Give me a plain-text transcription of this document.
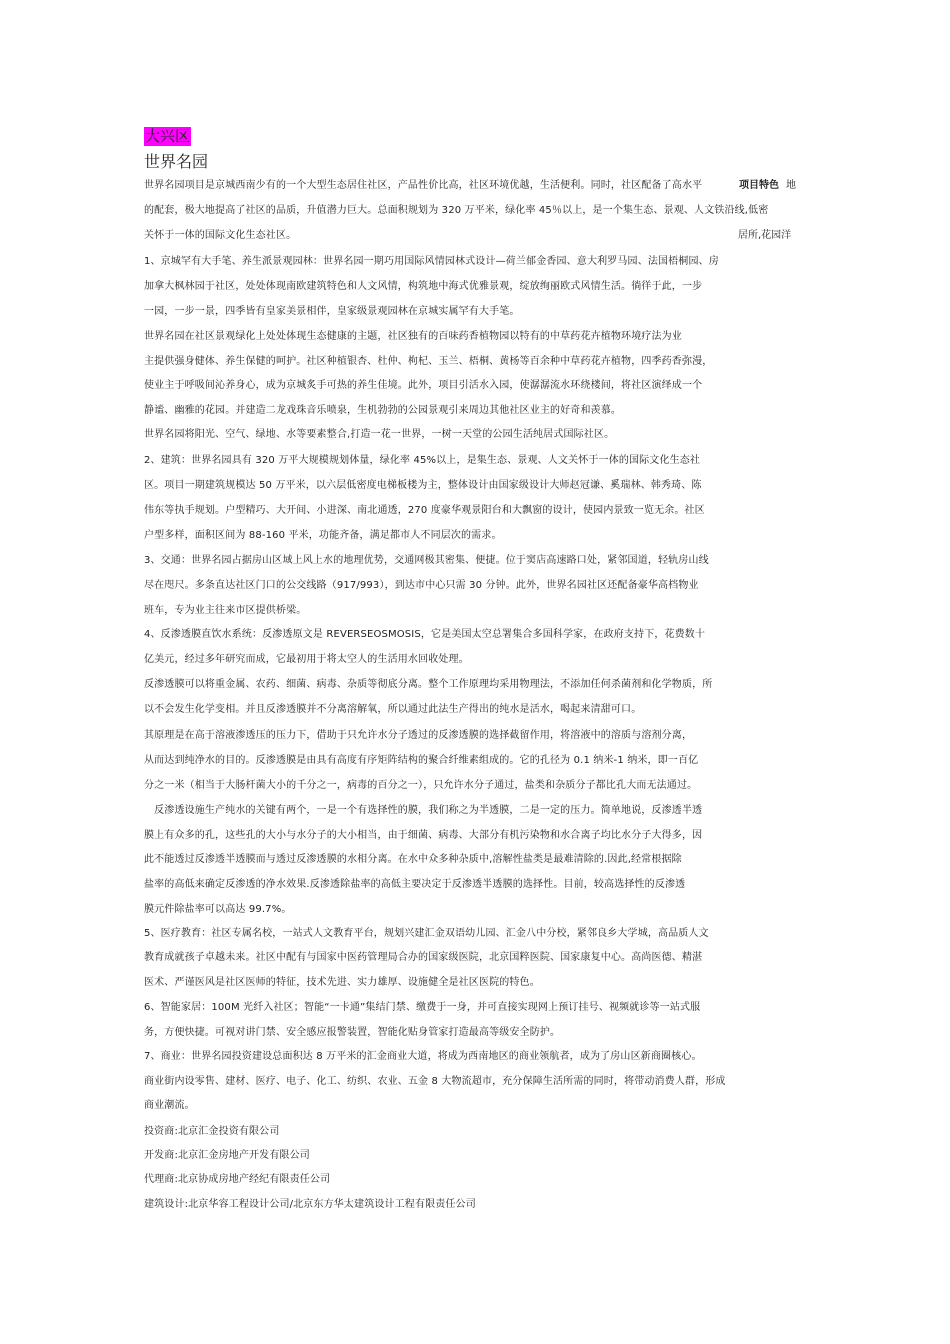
大兴区
世界名园
项目特色 地
居所,花园洋
世界名园项目是京城西南少有的一个大型生态居住社区，产品性价比高，社区环境优越，生活便利。同时，社区配备了高水平
的配套，极大地提高了社区的品质，升值潜力巨大。总面积规划为 320 万平米，绿化率 45％以上，是一个集生态、景观、人文铁沿线,低密
关怀于一体的国际文化生态社区。
1、京城罕有大手笔、养生派景观园林：世界名园一期巧用国际风情园林式设计—荷兰郁金香园、意大利罗马园、法国梧桐园、房
加拿大枫林园于社区，处处体现南欧建筑特色和人文风情，构筑地中海式优雅景观，绽放绚丽欧式风情生活。徜徉于此，一步
一园，一步一景，四季皆有皇家美景相伴，皇家级景观园林在京城实属罕有大手笔。
世界名园在社区景观绿化上处处体现生态健康的主题，社区独有的百味药香植物园以特有的中草药花卉植物环境疗法为业
主提供强身健体、养生保健的呵护。社区种植银杏、杜仲、枸杞、玉兰、梧桐、黄杨等百余种中草药花卉植物，四季药香弥漫，
使业主于呼吸间沁养身心，成为京城炙手可热的养生佳境。此外，项目引活水入园，使潺潺流水环绕楼间，将社区演绎成一个
静谧、幽雅的花园。并建造二龙戏珠音乐喷泉，生机勃勃的公园景观引来周边其他社区业主的好奇和羡慕。
世界名园将阳光、空气、绿地、水等要素整合,打造一花一世界，一树一天堂的公园生活纯居式国际社区。
2、建筑：世界名园具有 320 万平大规模规划体量，绿化率 45%以上，是集生态、景观、人文关怀于一体的国际文化生态社
区。项目一期建筑规模达 50 万平米，以六层低密度电梯板楼为主，整体设计由国家级设计大师赵冠谦、奚瑞林、韩秀琦、陈
伟东等执手规划。户型精巧、大开间、小进深、南北通透，270 度豪华观景阳台和大飘窗的设计，使园内景致一览无余。社区
户型多样，面积区间为 88-160 平米，功能齐备，满足都市人不同层次的需求。
3、交通：世界名园占据房山区域上风上水的地理优势，交通网极其密集、便捷。位于窦店高速路口处，紧邻国道，轻轨房山线
尽在咫尺。多条直达社区门口的公交线路（917/993），到达市中心只需 30 分钟。此外，世界名园社区还配备豪华高档物业
班车，专为业主往来市区提供桥梁。
4、反渗透膜直饮水系统：反渗透原文是 REVERSEOSMOSIS，它是美国太空总署集合多国科学家，在政府支持下，花费数十
亿美元，经过多年研究而成，它最初用于将太空人的生活用水回收处理。
反渗透膜可以将重金属、农药、细菌、病毒、杂质等彻底分离。整个工作原理均采用物理法，不添加任何杀菌剂和化学物质，所
以不会发生化学变相。并且反渗透膜并不分离溶解氧，所以通过此法生产得出的纯水是活水，喝起来清甜可口。
其原理是在高于溶液渗透压的压力下，借助于只允许水分子透过的反渗透膜的选择截留作用，将溶液中的溶质与溶剂分离，
从而达到纯净水的目的。反渗透膜是由具有高度有序矩阵结构的聚合纤维素组成的。它的孔径为 0.1 纳米-1 纳米，即一百亿
分之一米（相当于大肠杆菌大小的千分之一，病毒的百分之一），只允许水分子通过，盐类和杂质分子都比孔大而无法通过。
　反渗透设施生产纯水的关键有两个，一是一个有选择性的膜，我们称之为半透膜，二是一定的压力。简单地说，反渗透半透
膜上有众多的孔，这些孔的大小与水分子的大小相当，由于细菌、病毒、大部分有机污染物和水合离子均比水分子大得多，因
此不能透过反渗透半透膜而与透过反渗透膜的水相分离。在水中众多种杂质中,溶解性盐类是最难清除的.因此,经常根据除
盐率的高低来确定反渗透的净水效果.反渗透除盐率的高低主要决定于反渗透半透膜的选择性。目前，较高选择性的反渗透
膜元件除盐率可以高达 99.7%。
5、医疗教育：社区专属名校，一站式人文教育平台，规划兴建汇金双语幼儿园、汇金八中分校，紧邻良乡大学城，高品质人文
教育成就孩子卓越未来。社区中配有与国家中医药管理局合办的国家级医院，北京国粹医院、国家康复中心。高尚医德、精湛
医术、严谨医风是社区医师的特征，技术先进、实力雄厚、设施健全是社区医院的特色。
6、智能家居：100M 光纤入社区；智能“一卡通”集结门禁、缴费于一身，并可直接实现网上预订挂号、视频就诊等一站式服
务，方便快捷。可视对讲门禁、安全感应报警装置，智能化贴身管家打造最高等级安全防护。
7、商业：世界名园投资建设总面积达 8 万平米的汇金商业大道，将成为西南地区的商业领航者，成为了房山区新商圈核心。
商业街内设零售、建材、医疗、电子、化工、纺织、农业、五金 8 大物流超市，充分保障生活所需的同时，将带动消费人群，形成
商业潮流。
投资商:北京汇金投资有限公司
开发商:北京汇金房地产开发有限公司
代理商:北京协成房地产经纪有限责任公司
建筑设计:北京华容工程设计公司/北京东方华太建筑设计工程有限责任公司
